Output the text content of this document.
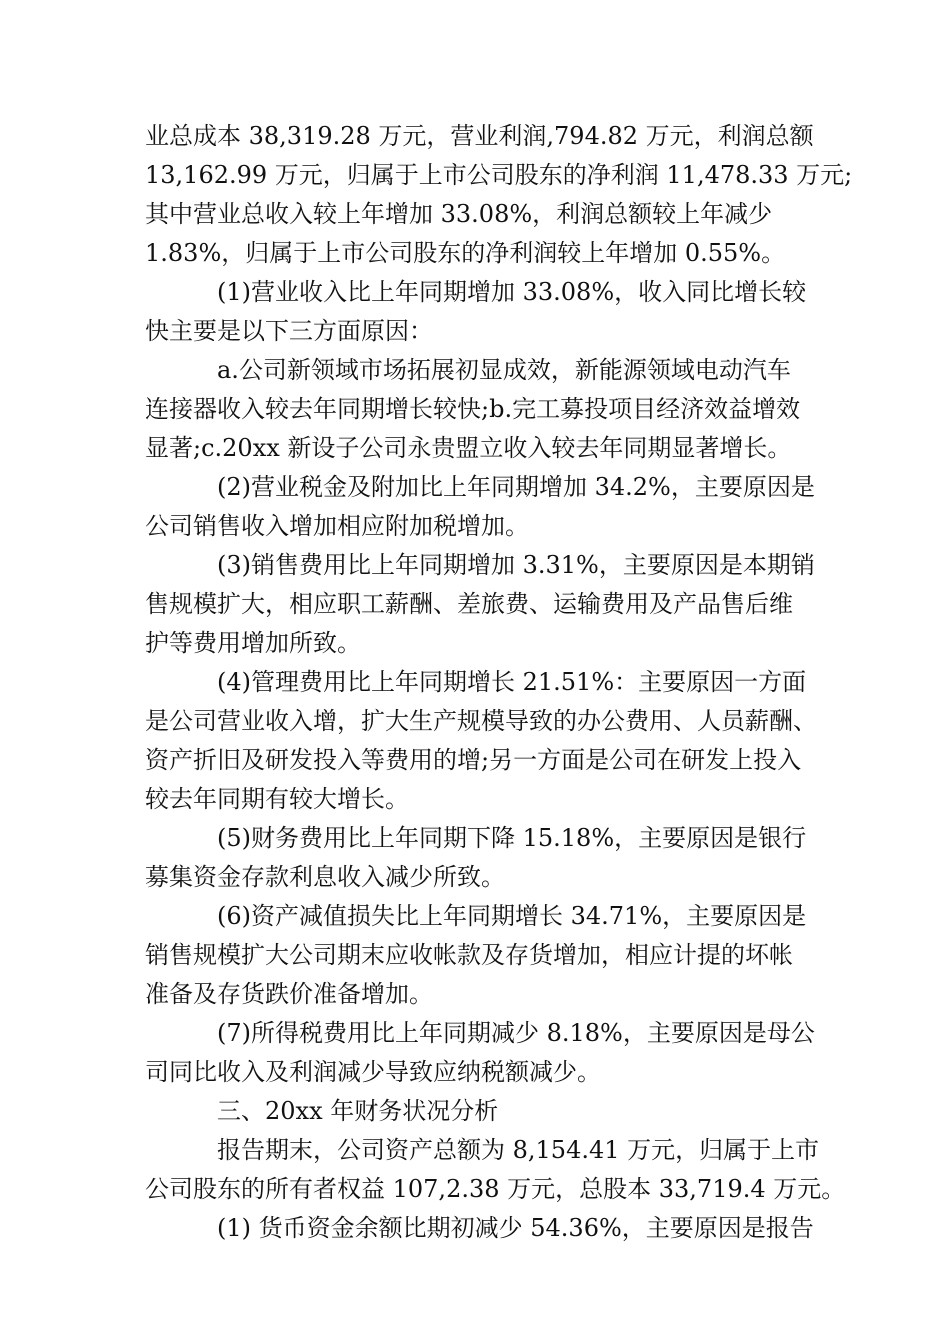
业总成本 38,319.28 万元，营业利润,794.82 万元，利润总额
13,162.99 万元，归属于上市公司股东的净利润 11,478.33 万元;
其中营业总收入较上年增加 33.08%，利润总额较上年减少
1.83%，归属于上市公司股东的净利润较上年增加 0.55%。
(1)营业收入比上年同期增加 33.08%，收入同比增长较
快主要是以下三方面原因：
a.公司新领域市场拓展初显成效，新能源领域电动汽车
连接器收入较去年同期增长较快;b.完工募投项目经济效益增效
显著;c.20xx 新设子公司永贵盟立收入较去年同期显著增长。
(2)营业税金及附加比上年同期增加 34.2%，主要原因是
公司销售收入增加相应附加税增加。
(3)销售费用比上年同期增加 3.31%，主要原因是本期销
售规模扩大，相应职工薪酬、差旅费、运输费用及产品售后维
护等费用增加所致。
(4)管理费用比上年同期增长 21.51%：主要原因一方面
是公司营业收入增，扩大生产规模导致的办公费用、人员薪酬、
资产折旧及研发投入等费用的增;另一方面是公司在研发上投入
较去年同期有较大增长。
(5)财务费用比上年同期下降 15.18%，主要原因是银行
募集资金存款利息收入减少所致。
(6)资产减值损失比上年同期增长 34.71%，主要原因是
销售规模扩大公司期末应收帐款及存货增加，相应计提的坏帐
准备及存货跌价准备增加。
(7)所得税费用比上年同期减少 8.18%，主要原因是母公
司同比收入及利润减少导致应纳税额减少。
三、20xx 年财务状况分析
报告期末，公司资产总额为 8,154.41 万元，归属于上市
公司股东的所有者权益 107,2.38 万元，总股本 33,719.4 万元。
(1) 货币资金余额比期初减少 54.36%，主要原因是报告
